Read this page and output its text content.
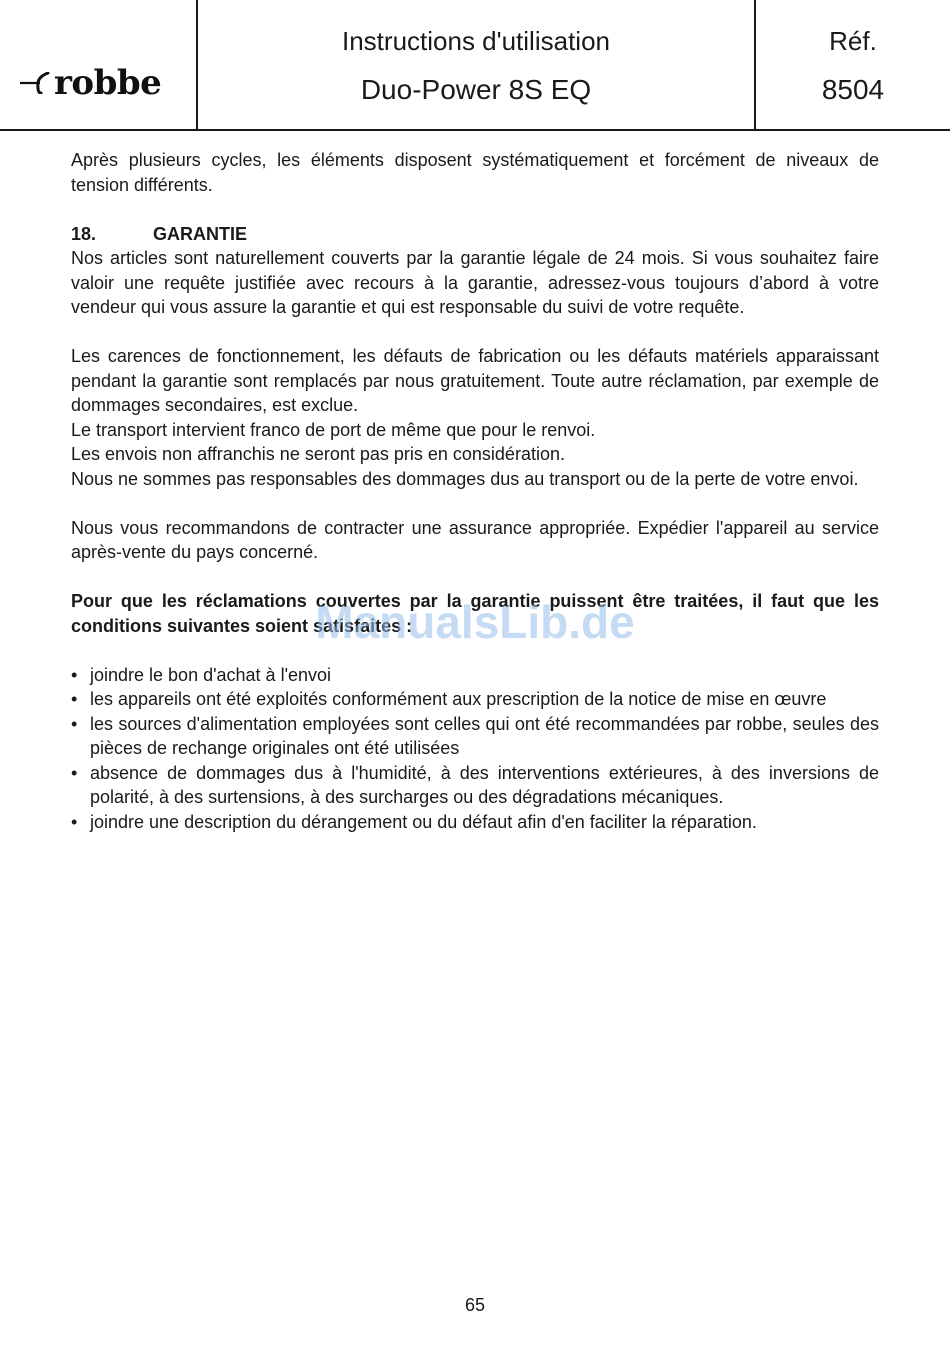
robbe
Instructions d'utilisation
Duo-Power 8S EQ
Réf.
8504

Après plusieurs cycles, les éléments disposent systématiquement et forcément de niveaux de tension différents.

18.	GARANTIE

Nos articles sont naturellement couverts par la garantie légale de 24 mois. Si vous souhaitez faire valoir une requête justifiée avec recours à la garantie, adressez-vous toujours d’abord à votre vendeur qui vous assure la garantie et qui est responsable du suivi de votre requête.

Les carences de fonctionnement, les défauts de fabrication ou les défauts matériels apparaissant pendant la garantie sont remplacés par nous gratuitement. Toute autre réclamation, par exemple de dommages secondaires, est exclue.

Le transport intervient franco de port de même que pour le renvoi.

Les envois non affranchis ne seront pas pris en considération.

Nous ne sommes pas responsables des dommages dus au transport ou de la perte de votre envoi.

Nous vous recommandons de contracter une assurance appropriée. Expédier l'appareil au service après-vente du pays concerné.

Pour que les réclamations couvertes par la garantie puissent être traitées, il faut que les conditions suivantes soient satisfaites :

• joindre le bon d'achat à l'envoi
• les appareils ont été exploités conformément aux prescription de la notice de mise en œuvre
• les sources d'alimentation employées sont celles qui ont été recommandées par robbe, seules des pièces de rechange originales ont été utilisées
• absence de dommages dus à l'humidité, à des interventions extérieures, à des inversions de polarité, à des surtensions, à des surcharges ou des dégradations mécaniques.
• joindre une description du dérangement ou du défaut afin d'en faciliter la réparation.
ManualsLib.de
65
